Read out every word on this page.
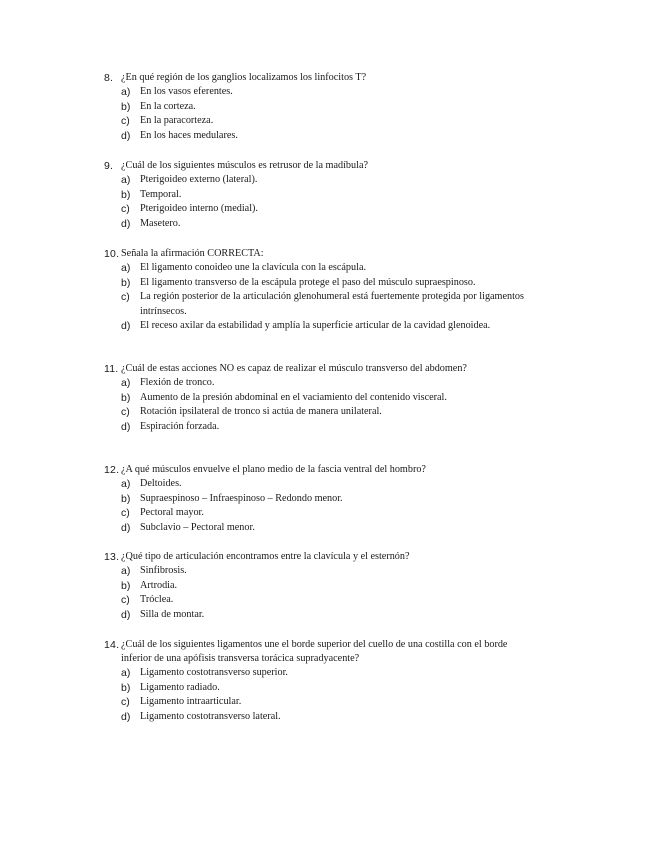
8. ¿En qué región de los ganglios localizamos los linfocitos T?
a) En los vasos eferentes.
b) En la corteza.
c)	En la paracorteza.
d) En los haces medulares.
9. ¿Cuál de los siguientes músculos es retrusor de la madíbula?
a) Pterigoideo externo (lateral).
b) Temporal.
c)	Pterigoideo interno (medial).
d) Masetero.
10. Señala la afirmación CORRECTA:
a) El ligamento conoideo une la clavícula con la escápula.
b) El ligamento transverso de la escápula protege el paso del músculo supraespinoso.
c)	La región posterior de la articulación glenohumeral está fuertemente protegida por ligamentos intrínsecos.
d) El receso axilar da estabilidad y amplía la superficie articular de la cavidad glenoidea.
11. ¿Cuál de estas acciones NO es capaz de realizar el músculo transverso del abdomen?
a) Flexión de tronco.
b) Aumento de la presión abdominal en el vaciamiento del contenido visceral.
c)	Rotación ipsilateral de tronco si actúa de manera unilateral.
d) Espiración forzada.
12. ¿A qué músculos envuelve el plano medio de la fascia ventral del hombro?
a) Deltoides.
b) Supraespinoso – Infraespinoso – Redondo menor.
c)	Pectoral mayor.
d) Subclavio – Pectoral menor.
13. ¿Qué tipo de articulación encontramos entre la clavícula y el esternón?
a) Sinfibrosis.
b) Artrodia.
c)	Tróclea.
d) Silla de montar.
14. ¿Cuál de los siguientes ligamentos une el borde superior del cuello de una costilla con el borde inferior de una apófisis transversa torácica supradyacente?
a) Ligamento costotransverso superior.
b) Ligamento radiado.
c)	Ligamento intraarticular.
d) Ligamento costotransverso lateral.
